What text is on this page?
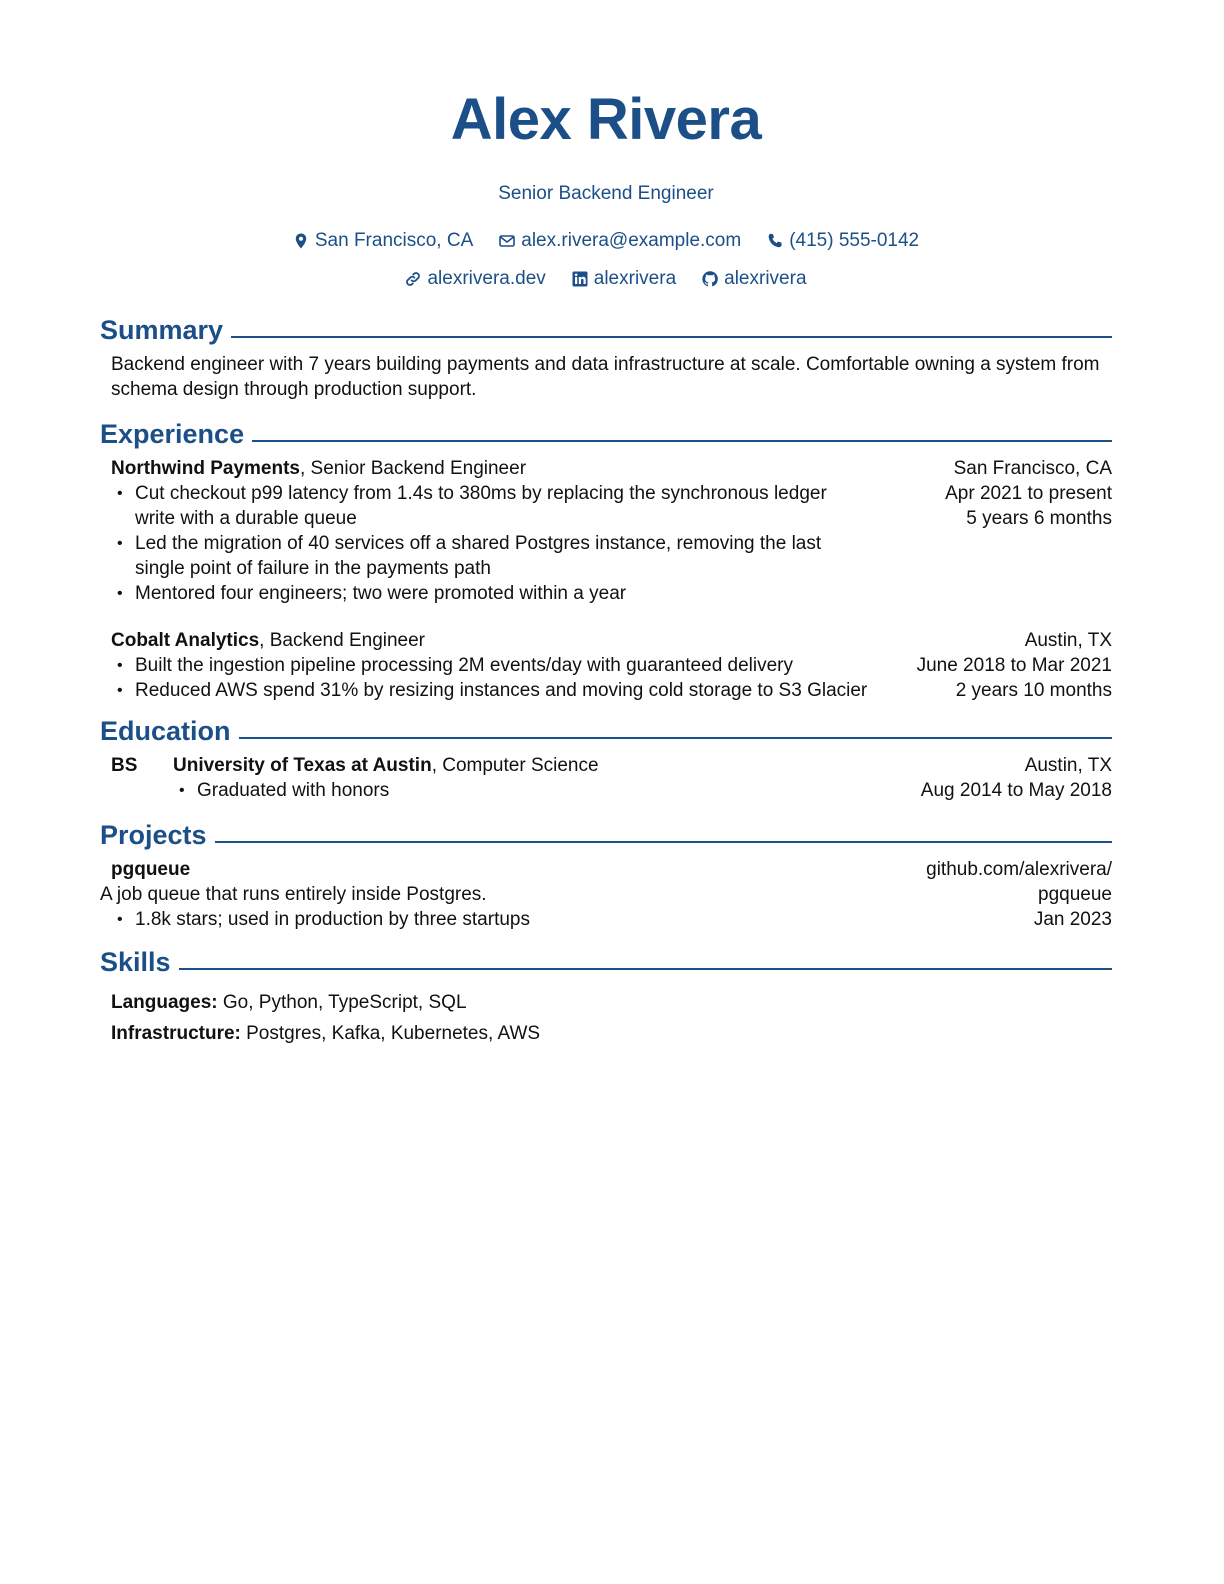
Alex Rivera
Senior Backend Engineer
San Francisco, CA	alex.rivera@example.com	(415) 555-0142
alexrivera.dev	alexrivera	alexrivera
Summary

Backend engineer with 7 years building payments and data infrastructure at scale. Comfortable owning a system from schema design through production support.

Experience
Northwind Payments, Senior Backend Engineer
• Cut checkout p99 latency from 1.4s to 380ms by replacing the synchronous ledger write with a durable queue
• Led the migration of 40 services off a shared Postgres instance, removing the last single point of failure in the payments path
• Mentored four engineers; two were promoted within a year
San Francisco, CA
Apr 2021 to present
5 years 6 months
Cobalt Analytics, Backend Engineer
• Built the ingestion pipeline processing 2M events/day with guaranteed delivery
• Reduced AWS spend 31% by resizing instances and moving cold storage to S3 Glacier
Austin, TX
June 2018 to Mar 2021
2 years 10 months
Education
BS	University of Texas at Austin, Computer Science
• Graduated with honors
Austin, TX
Aug 2014 to May 2018
Projects
pgqueue
A job queue that runs entirely inside Postgres.
• 1.8k stars; used in production by three startups
github.com/alexrivera/
pgqueue
Jan 2023
Skills
Languages: Go, Python, TypeScript, SQL
Infrastructure: Postgres, Kafka, Kubernetes, AWS
